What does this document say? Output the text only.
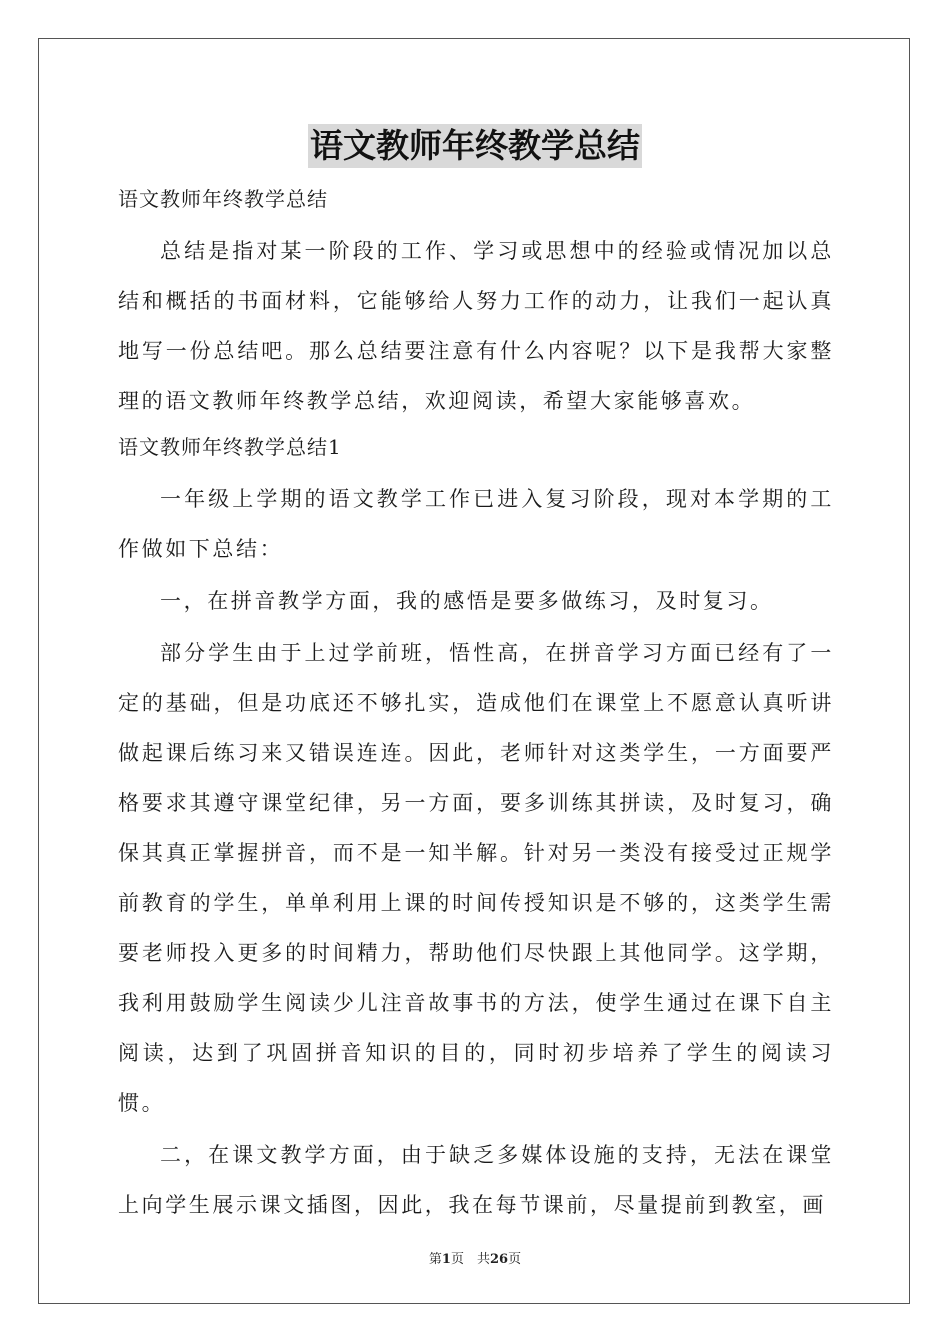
语文教师年终教学总结
语文教师年终教学总结

总结是指对某一阶段的工作、学习或思想中的经验或情况加以总结和概括的书面材料，它能够给人努力工作的动力，让我们一起认真地写一份总结吧。那么总结要注意有什么内容呢？以下是我帮大家整理的语文教师年终教学总结，欢迎阅读，希望大家能够喜欢。

语文教师年终教学总结1

一年级上学期的语文教学工作已进入复习阶段，现对本学期的工作做如下总结：

一，在拼音教学方面，我的感悟是要多做练习，及时复习。

部分学生由于上过学前班，悟性高，在拼音学习方面已经有了一定的基础，但是功底还不够扎实，造成他们在课堂上不愿意认真听讲做起课后练习来又错误连连。因此，老师针对这类学生，一方面要严格要求其遵守课堂纪律，另一方面，要多训练其拼读，及时复习，确保其真正掌握拼音，而不是一知半解。针对另一类没有接受过正规学前教育的学生，单单利用上课的时间传授知识是不够的，这类学生需要老师投入更多的时间精力，帮助他们尽快跟上其他同学。这学期，我利用鼓励学生阅读少儿注音故事书的方法，使学生通过在课下自主阅读，达到了巩固拼音知识的目的，同时初步培养了学生的阅读习惯。

二，在课文教学方面，由于缺乏多媒体设施的支持，无法在课堂上向学生展示课文插图，因此，我在每节课前，尽量提前到教室，画

第1页　共26页
